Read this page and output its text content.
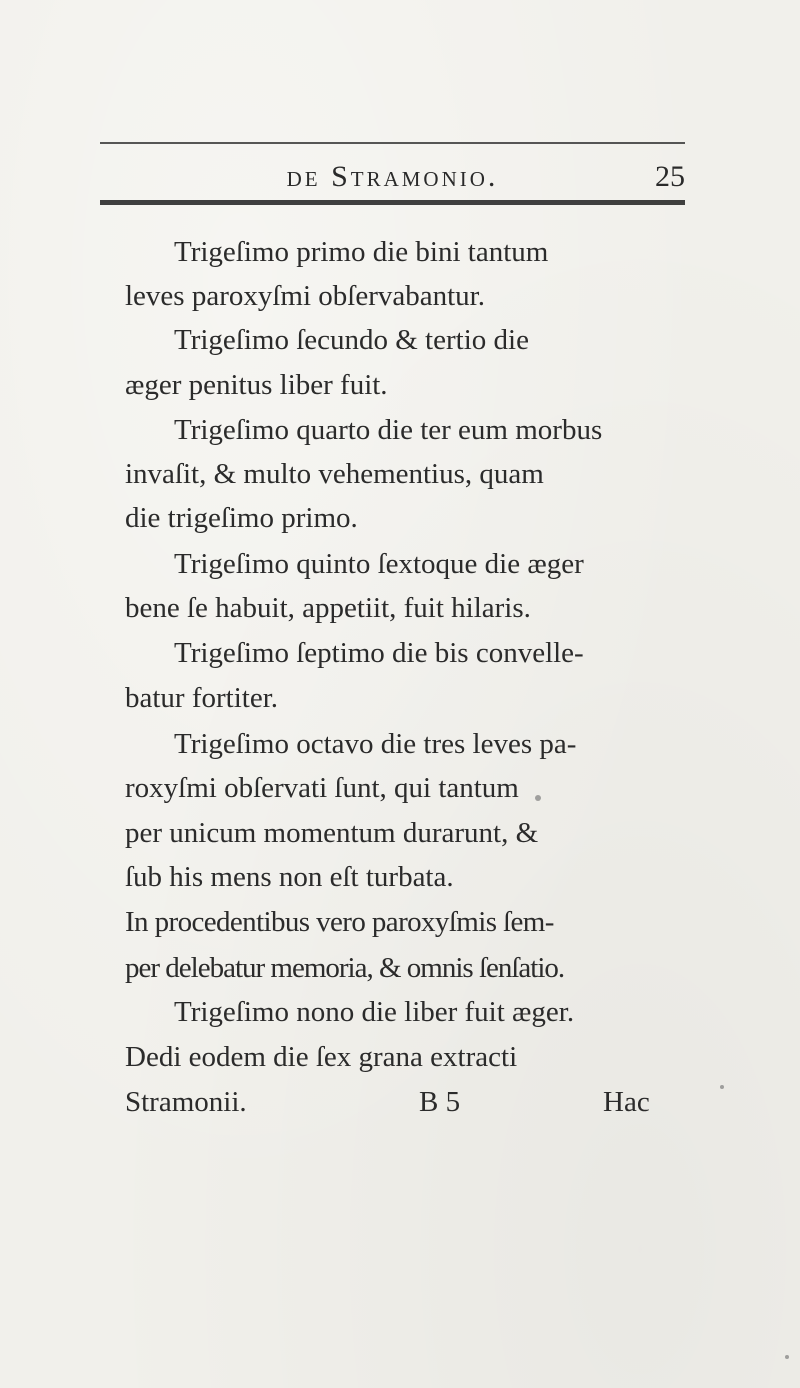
de Stramonio.	25
Trigeſimo primo die bini tantum
leves paroxyſmi obſervabantur.
Trigeſimo ſecundo & tertio die
æger penitus liber fuit.
Trigeſimo quarto die ter eum morbus
invaſit, & multo vehementius, quam
die trigeſimo primo.
Trigeſimo quinto ſextoque die æger
bene ſe habuit, appetiit, fuit hilaris.
Trigeſimo ſeptimo die bis convelle-
batur fortiter.
Trigeſimo octavo die tres leves pa-
roxyſmi obſervati ſunt, qui tantum
per unicum momentum durarunt, &
ſub his mens non eſt turbata.
In procedentibus vero paroxyſmis ſem-
per delebatur memoria, & omnis ſenſatio.
Trigeſimo nono die liber fuit æger.
Dedi eodem die ſex grana extracti
Stramonii.	B 5	Hac
